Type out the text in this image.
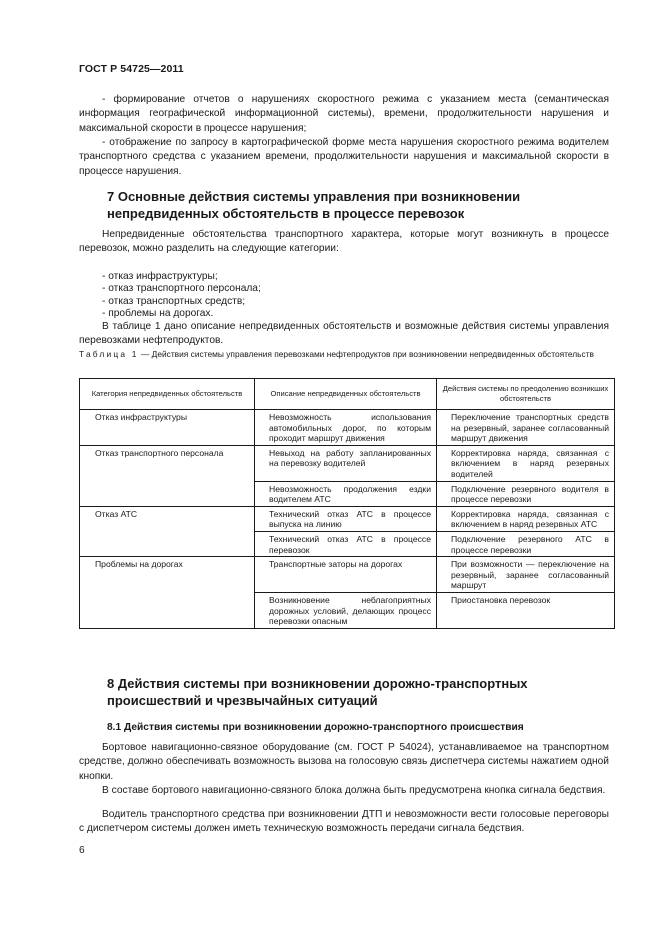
ГОСТ Р 54725—2011

- формирование отчетов о нарушениях скоростного режима с указанием места (семантическая информация географической информационной системы), времени, продолжительности нарушения и максимальной скорости в процессе нарушения;

- отображение по запросу в картографической форме места нарушения скоростного режима водителем транспортного средства с указанием времени, продолжительности нарушения и максимальной скорости в процессе нарушения.

7 Основные действия системы управления при возникновении непредвиденных обстоятельств в процессе перевозок

Непредвиденные обстоятельства транспортного характера, которые могут возникнуть в процессе перевозок, можно разделить на следующие категории:

- отказ инфраструктуры;
- отказ транспортного персонала;
- отказ транспортных средств;
- проблемы на дорогах.

В таблице 1 дано описание непредвиденных обстоятельств и возможные действия системы управления перевозками нефтепродуктов.

Таблица 1 — Действия системы управления перевозками нефтепродуктов при возникновении непредвиденных обстоятельств

Категория непредвиденных обстоятельств	Описание непредвиденных обстоятельств	Действия системы по преодолению возникших обстоятельств
Отказ инфраструктуры	Невозможность использования автомобильных дорог, по которым проходит маршрут движения	Переключение транспортных средств на резервный, заранее согласованный маршрут движения
Отказ транспортного персонала	Невыход на работу запланированных на перевозку водителей	Корректировка наряда, связанная с включением в наряд резервных водителей
	Невозможность продолжения ездки водителем АТС	Подключение резервного водителя в процессе перевозки
Отказ АТС	Технический отказ АТС в процессе выпуска на линию	Корректировка наряда, связанная с включением в наряд резервных АТС
	Технический отказ АТС в процессе перевозок	Подключение резервного АТС в процессе перевозки
Проблемы на дорогах	Транспортные заторы на дорогах	При возможности — переключение на резервный, заранее согласованный маршрут
	Возникновение неблагоприятных дорожных условий, делающих процесс перевозки опасным	Приостановка перевозок
8 Действия системы при возникновении дорожно-транспортных происшествий и чрезвычайных ситуаций
8.1 Действия системы при возникновении дорожно-транспортного происшествия

Бортовое навигационно-связное оборудование (см. ГОСТ Р 54024), устанавливаемое на транспортном средстве, должно обеспечивать возможность вызова на голосовую связь диспетчера системы нажатием одной кнопки.

В составе бортового навигационно-связного блока должна быть предусмотрена кнопка сигнала бедствия.

Водитель транспортного средства при возникновении ДТП и невозможности вести голосовые переговоры с диспетчером системы должен иметь техническую возможность передачи сигнала бедствия.

6
